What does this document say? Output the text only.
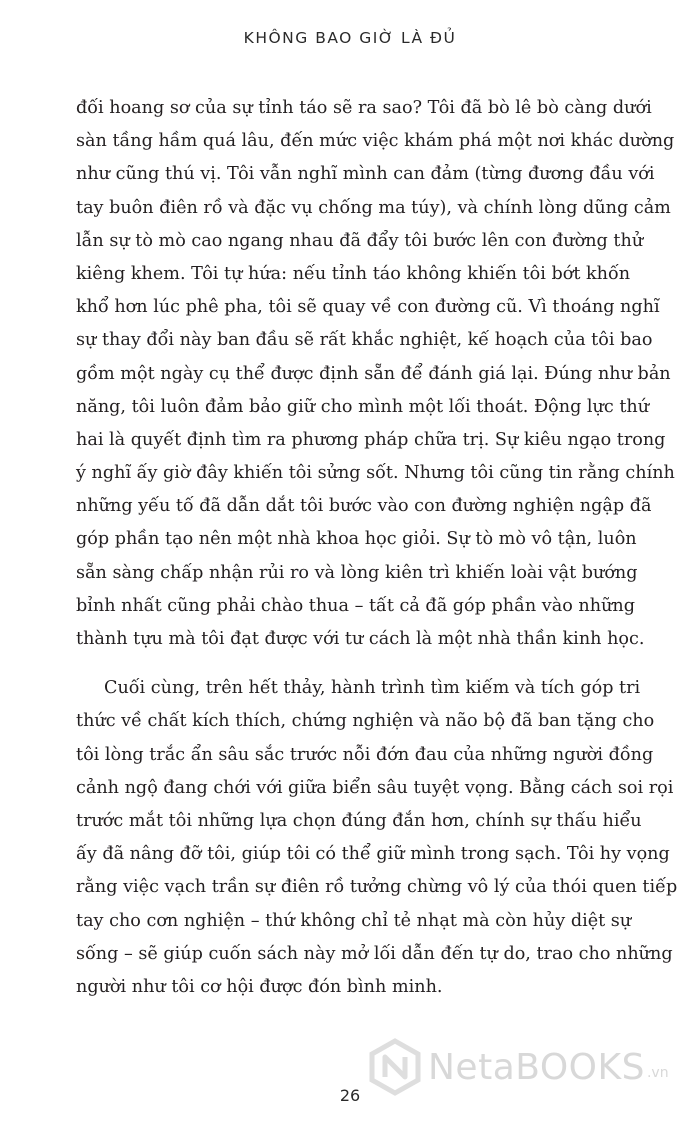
KHÔNG BAO GIỜ LÀ ĐỦ
đối hoang sơ của sự tỉnh táo sẽ ra sao? Tôi đã bò lê bò càng dưới
sàn tầng hầm quá lâu, đến mức việc khám phá một nơi khác dường
như cũng thú vị. Tôi vẫn nghĩ mình can đảm (từng đương đầu với
tay buôn điên rồ và đặc vụ chống ma túy), và chính lòng dũng cảm
lẫn sự tò mò cao ngang nhau đã đẩy tôi bước lên con đường thử
kiêng khem. Tôi tự hứa: nếu tỉnh táo không khiến tôi bớt khốn
khổ hơn lúc phê pha, tôi sẽ quay về con đường cũ. Vì thoáng nghĩ
sự thay đổi này ban đầu sẽ rất khắc nghiệt, kế hoạch của tôi bao
gồm một ngày cụ thể được định sẵn để đánh giá lại. Đúng như bản
năng, tôi luôn đảm bảo giữ cho mình một lối thoát. Động lực thứ
hai là quyết định tìm ra phương pháp chữa trị. Sự kiêu ngạo trong
ý nghĩ ấy giờ đây khiến tôi sửng sốt. Nhưng tôi cũng tin rằng chính
những yếu tố đã dẫn dắt tôi bước vào con đường nghiện ngập đã
góp phần tạo nên một nhà khoa học giỏi. Sự tò mò vô tận, luôn
sẵn sàng chấp nhận rủi ro và lòng kiên trì khiến loài vật bướng
bỉnh nhất cũng phải chào thua – tất cả đã góp phần vào những
thành tựu mà tôi đạt được với tư cách là một nhà thần kinh học.
Cuối cùng, trên hết thảy, hành trình tìm kiếm và tích góp tri
thức về chất kích thích, chứng nghiện và não bộ đã ban tặng cho
tôi lòng trắc ẩn sâu sắc trước nỗi đớn đau của những người đồng
cảnh ngộ đang chới với giữa biển sâu tuyệt vọng. Bằng cách soi rọi
trước mắt tôi những lựa chọn đúng đắn hơn, chính sự thấu hiểu
ấy đã nâng đỡ tôi, giúp tôi có thể giữ mình trong sạch. Tôi hy vọng
rằng việc vạch trần sự điên rồ tưởng chừng vô lý của thói quen tiếp
tay cho cơn nghiện – thứ không chỉ tẻ nhạt mà còn hủy diệt sự
sống – sẽ giúp cuốn sách này mở lối dẫn đến tự do, trao cho những
người như tôi cơ hội được đón bình minh.
NetaBOOKS .vn
26
